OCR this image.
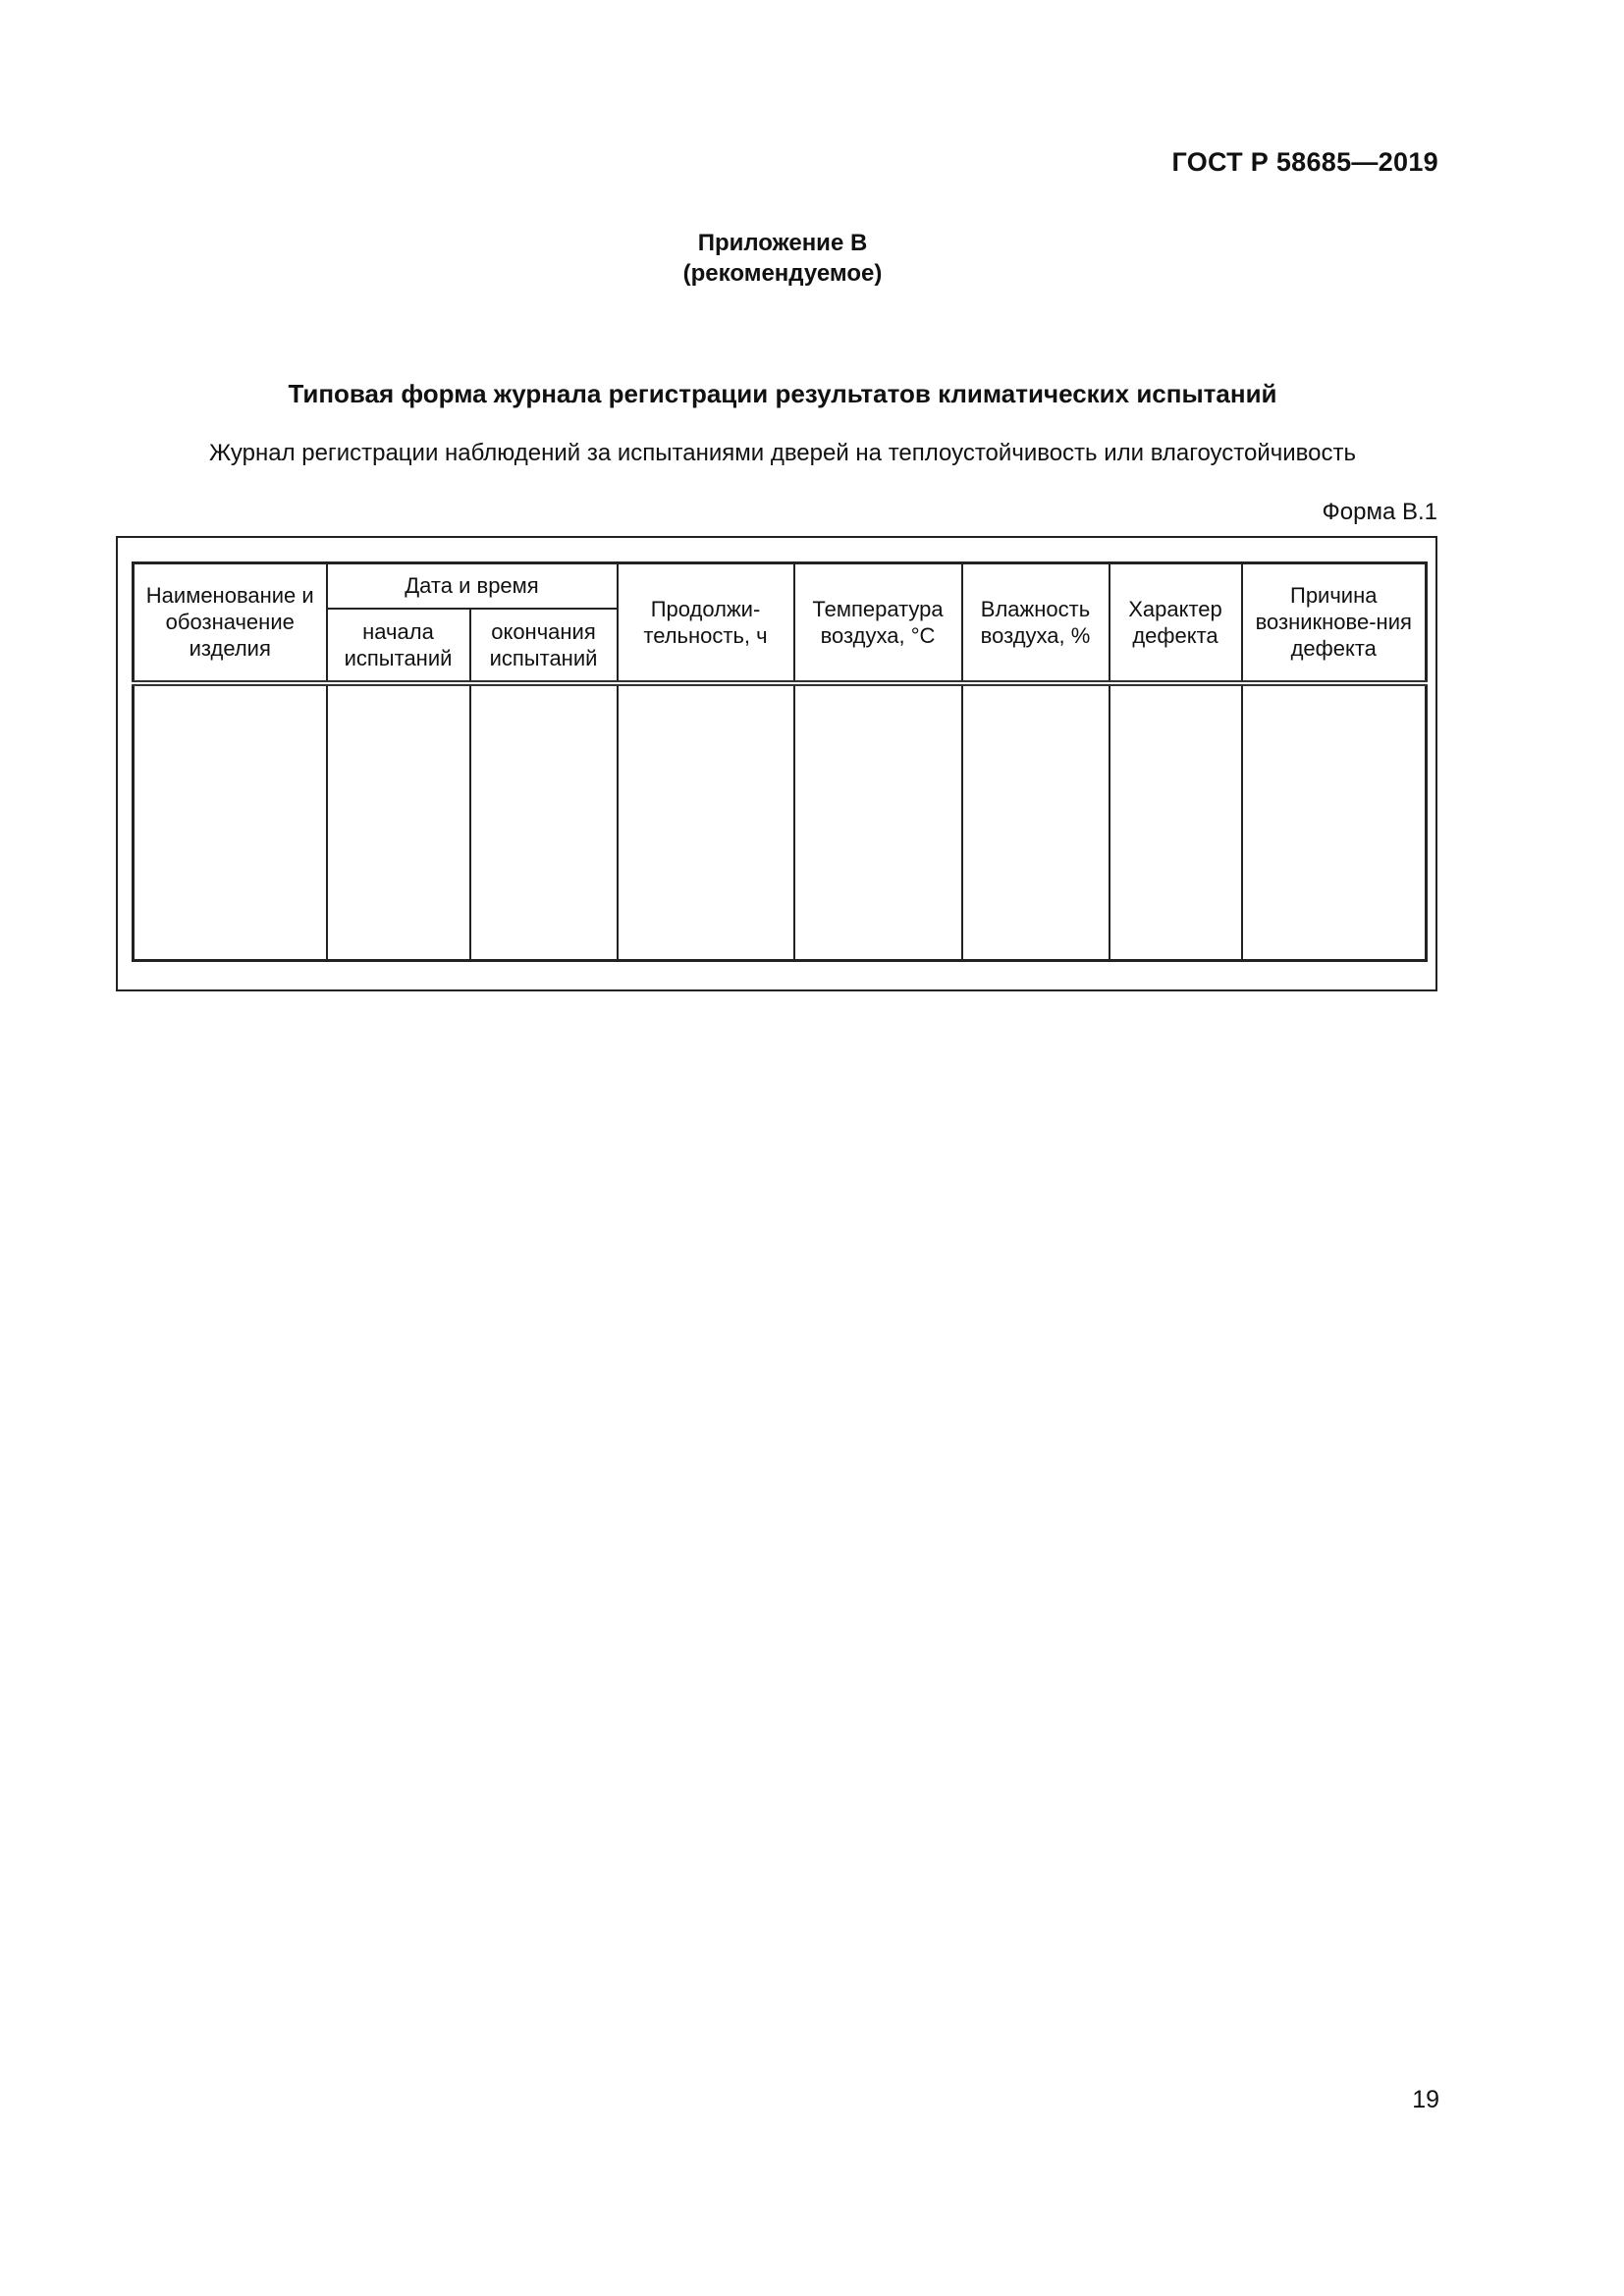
ГОСТ Р 58685—2019
Приложение В
(рекомендуемое)
Типовая форма журнала регистрации результатов климатических испытаний
Журнал регистрации наблюдений за испытаниями дверей на теплоустойчивость или влагоустойчивость
Форма В.1
Наименование и обозначение изделия	Дата и время		Продолжи-тельность, ч	Температура воздуха, °С	Влажность воздуха, %	Характер дефекта	Причина возникнове-ния дефекта
	начала испытаний	окончания испытаний					

19
